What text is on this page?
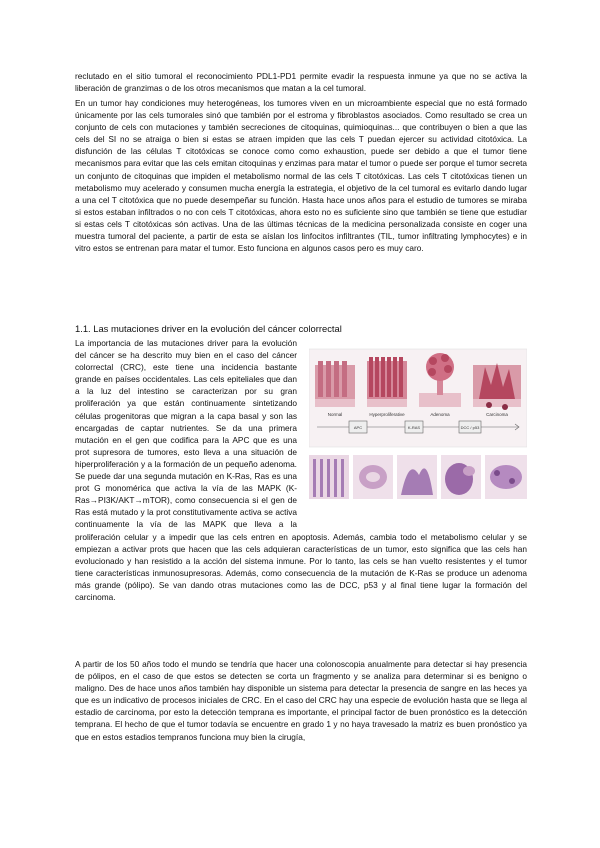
reclutado en el sitio tumoral el reconocimiento PDL1-PD1 permite evadir la respuesta inmune ya que no se activa la liberación de granzimas o de los otros mecanismos que matan a la cel tumoral.

En un tumor hay condiciones muy heterogéneas, los tumores viven en un microambiente especial que no está formado únicamente por las cels tumorales sinó que también por el estroma y fibroblastos asociados. Como resultado se crea un conjunto de cels con mutaciones y también secreciones de citoquinas, quimioquinas... que contribuyen o bien a que las cels del SI no se atraiga o bien si estas se atraen impiden que las cels T puedan ejercer su actividad citotóxica. La disfunción de las células T citotóxicas se conoce como como exhaustion, puede ser debido a que el tumor tiene mecanismos para evitar que las cels emitan citoquinas y enzimas para matar el tumor o puede ser porque el tumor secreta un conjunto de citoquinas que impiden el metabolismo normal de las cels T citotóxicas. Las cels T citotóxicas tienen un metabolismo muy acelerado y consumen mucha energía la estrategia, el objetivo de la cel tumoral es evitarlo dando lugar a una cel T citotóxica que no puede desempeñar su función. Hasta hace unos años para el estudio de tumores se miraba si estos estaban infiltrados o no con cels T citotóxicas, ahora esto no es suficiente sino que también se tiene que estudiar si estas cels T citotóxicas són activas. Una de las últimas técnicas de la medicina personalizada consiste en coger una muestra tumoral del paciente, a partir de esta se aíslan los linfocitos infiltrantes (TIL, tumor infiltrating lymphocytes) e in vitro estos se entrenan para matar el tumor. Esto funciona en algunos casos pero es muy caro.

1.1. Las mutaciones driver en la evolución del cáncer colorrectal
Normal	Hyperproliferative	Adenoma	Carcinoma
APC	K-RAS	DCC / p53

La importancia de las mutaciones driver para la evolución del cáncer se ha descrito muy bien en el caso del cáncer colorrectal (CRC), este tiene una incidencia bastante grande en países occidentales. Las cels epiteliales que dan a la luz del intestino se caracterizan por su gran proliferación ya que están continuamente sintetizando células progenitoras que migran a la capa basal y son las encargadas de captar nutrientes. Se da una primera mutación en el gen que codifica para la APC que es una prot supresora de tumores, esto lleva a una situación de hiperproliferación y a la formación de un pequeño adenoma. Se puede dar una segunda mutación en K-Ras, Ras es una prot G monomérica que activa la vía de las MAPK (K-Ras→PI3K/AKT→mTOR), como consecuencia si el gen de Ras está mutado y la prot constitutivamente activa se activa continuamente la vía de las MAPK que lleva a la proliferación celular y a impedir que las cels entren en apoptosis. Además, cambia todo el metabolismo celular y se empiezan a activar prots que hacen que las cels adquieran características de un tumor, esto significa que las cels han evolucionado y han resistido a la acción del sistema inmune. Por lo tanto, las cels se han vuelto resistentes y el tumor tiene características inmunosupresoras. Además, como consecuencia de la mutación de K-Ras se produce un adenoma más grande (pólipo). Se van dando otras mutaciones como las de DCC, p53 y al final tiene lugar la formación del carcinoma.

A partir de los 50 años todo el mundo se tendría que hacer una colonoscopia anualmente para detectar si hay presencia de pólipos, en el caso de que estos se detecten se corta un fragmento y se analiza para determinar si es benigno o maligno. Des de hace unos años también hay disponible un sistema para detectar la presencia de sangre en las heces ya que es un indicativo de procesos iniciales de CRC. En el caso del CRC hay una especie de evolución hasta que se llega al estadio de carcinoma, por esto la detección temprana es importante, el principal factor de buen pronóstico es la detección temprana. El hecho de que el tumor todavía se encuentre en grado 1 y no haya travesado la matriz es buen pronóstico ya que en estos estadios tempranos funciona muy bien la cirugía,
